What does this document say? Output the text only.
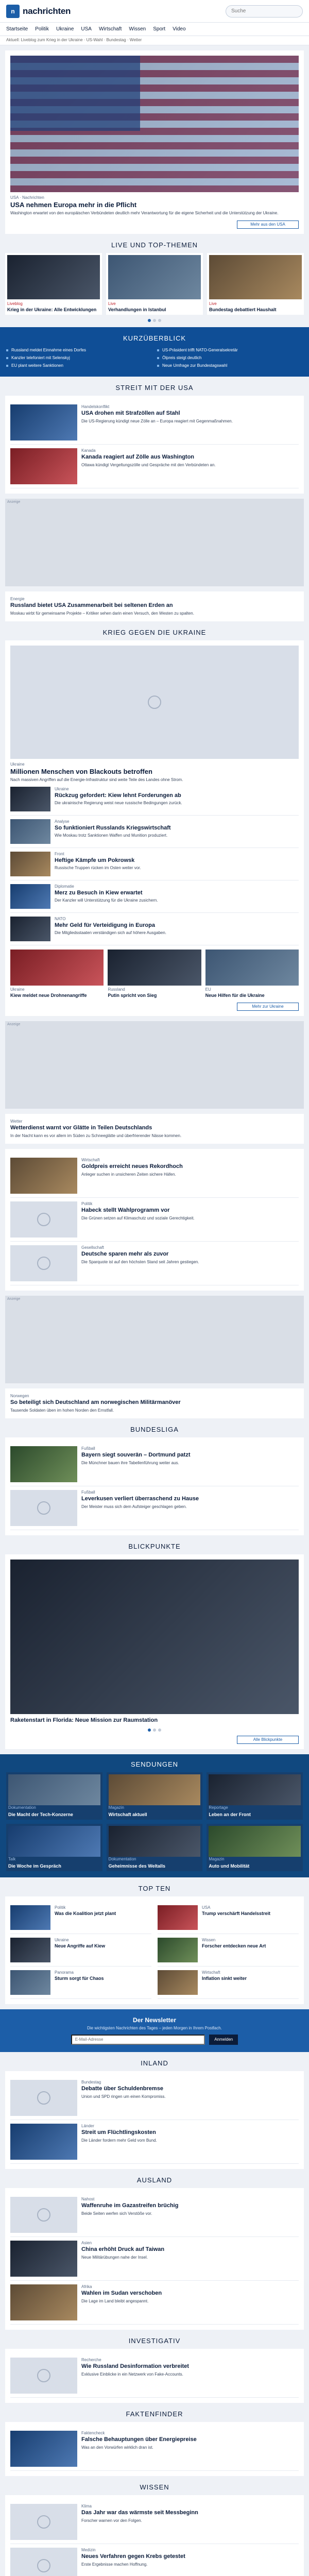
n nachrichten
Suche
Startseite Politik Ukraine USA Wirtschaft Wissen Sport Video
Aktuell: Liveblog zum Krieg in der Ukraine · US-Wahl · Bundestag · Wetter
USA · Nachrichten
USA nehmen Europa mehr in die Pflicht
Washington erwartet von den europäischen Verbündeten deutlich mehr Verantwortung für die eigene Sicherheit und die Unterstützung der Ukraine.
Mehr aus den USA
LIVE UND TOP-THEMEN
Liveblog
Krieg in der Ukraine: Alle Entwicklungen
Live
Verhandlungen in Istanbul
Live
Bundestag debattiert Haushalt
KURZÜBERBLICK
Russland meldet Einnahme eines Dorfes
Kanzler telefoniert mit Selenskyj
EU plant weitere Sanktionen
US-Präsident trifft NATO-Generalsekretär
Ölpreis steigt deutlich
Neue Umfrage zur Bundestagswahl
STREIT MIT DER USA
Handelskonflikt
USA drohen mit Strafzöllen auf Stahl
Die US-Regierung kündigt neue Zölle an – Europa reagiert mit Gegenmaßnahmen.
Kanada
Kanada reagiert auf Zölle aus Washington
Ottawa kündigt Vergeltungszölle und Gespräche mit den Verbündeten an.
Anzeige
Energie
Russland bietet USA Zusammenarbeit bei seltenen Erden an
Moskau wirbt für gemeinsame Projekte – Kritiker sehen darin einen Versuch, den Westen zu spalten.
KRIEG GEGEN DIE UKRAINE
Ukraine
Millionen Menschen von Blackouts betroffen
Nach massiven Angriffen auf die Energie-Infrastruktur sind weite Teile des Landes ohne Strom.
Ukraine
Rückzug gefordert: Kiew lehnt Forderungen ab
Die ukrainische Regierung weist neue russische Bedingungen zurück.
Analyse
So funktioniert Russlands Kriegswirtschaft
Wie Moskau trotz Sanktionen Waffen und Munition produziert.
Front
Heftige Kämpfe um Pokrowsk
Russische Truppen rücken im Osten weiter vor.
Diplomatie
Merz zu Besuch in Kiew erwartet
Der Kanzler will Unterstützung für die Ukraine zusichern.
NATO
Mehr Geld für Verteidigung in Europa
Die Mitgliedsstaaten verständigen sich auf höhere Ausgaben.
Ukraine
Kiew meldet neue Drohnenangriffe
Russland
Putin spricht von Sieg
EU
Neue Hilfen für die Ukraine
Mehr zur Ukraine
Anzeige
Wetter
Wetterdienst warnt vor Glätte in Teilen Deutschlands
In der Nacht kann es vor allem im Süden zu Schneeglätte und überfrierender Nässe kommen.
Wirtschaft
Goldpreis erreicht neues Rekordhoch
Anleger suchen in unsicheren Zeiten sichere Häfen.
Politik
Habeck stellt Wahlprogramm vor
Die Grünen setzen auf Klimaschutz und soziale Gerechtigkeit.
Gesellschaft
Deutsche sparen mehr als zuvor
Die Sparquote ist auf den höchsten Stand seit Jahren gestiegen.
Anzeige
Norwegen
So beteiligt sich Deutschland am norwegischen Militärmanöver
Tausende Soldaten üben im hohen Norden den Ernstfall.
BUNDESLIGA
Fußball
Bayern siegt souverän – Dortmund patzt
Die Münchner bauen ihre Tabellenführung weiter aus.
Fußball
Leverkusen verliert überraschend zu Hause
Der Meister muss sich dem Aufsteiger geschlagen geben.
BLICKPUNKTE
Raketenstart in Florida: Neue Mission zur Raumstation
Alle Blickpunkte
SENDUNGEN
Dokumentation
Die Macht der Tech-Konzerne
Magazin
Wirtschaft aktuell
Reportage
Leben an der Front
Talk
Die Woche im Gespräch
Dokumentation
Geheimnisse des Weltalls
Magazin
Auto und Mobilität
TOP TEN
Politik
Was die Koalition jetzt plant
USA
Trump verschärft Handelsstreit
Ukraine
Neue Angriffe auf Kiew
Wissen
Forscher entdecken neue Art
Panorama
Sturm sorgt für Chaos
Wirtschaft
Inflation sinkt weiter
Der Newsletter
Die wichtigsten Nachrichten des Tages – jeden Morgen in Ihrem Postfach.
E-Mail-Adresse Anmelden
INLAND
Bundestag
Debatte über Schuldenbremse
Union und SPD ringen um einen Kompromiss.
Länder
Streit um Flüchtlingskosten
Die Länder fordern mehr Geld vom Bund.
AUSLAND
Nahost
Waffenruhe im Gazastreifen brüchig
Beide Seiten werfen sich Verstöße vor.
Asien
China erhöht Druck auf Taiwan
Neue Militärübungen nahe der Insel.
Afrika
Wahlen im Sudan verschoben
Die Lage im Land bleibt angespannt.
INVESTIGATIV
Recherche
Wie Russland Desinformation verbreitet
Exklusive Einblicke in ein Netzwerk von Fake-Accounts.
FAKTENFINDER
Faktencheck
Falsche Behauptungen über Energiepreise
Was an den Vorwürfen wirklich dran ist.
WISSEN
Klima
Das Jahr war das wärmste seit Messbeginn
Forscher warnen vor den Folgen.
Medizin
Neues Verfahren gegen Krebs getestet
Erste Ergebnisse machen Hoffnung.
